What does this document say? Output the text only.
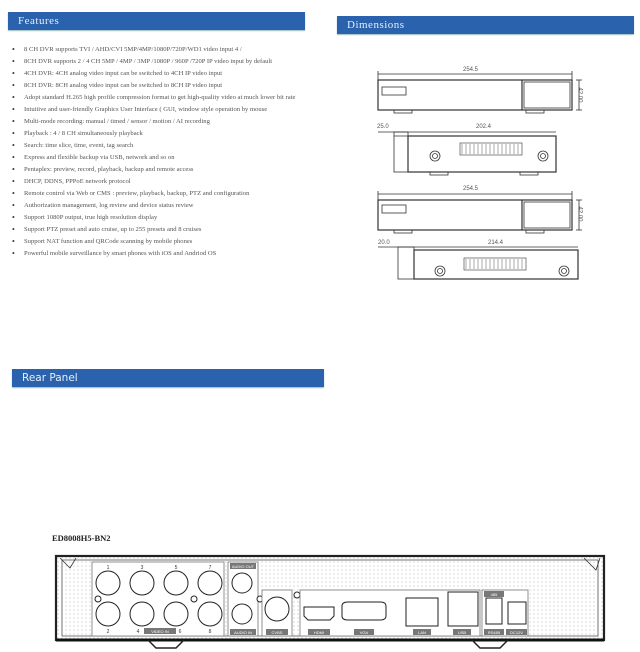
Features
• 8 CH DVR supports TVI / AHD/CVI 5MP/4MP/1080P/720P/WD1 video input 4 /
• 8CH DVR supports 2 / 4 CH 5MP / 4MP / 3MP /1080P / 960P /720P IP video input by default
• 4CH DVR: 4CH analog video input can be switched to 4CH IP video input
• 8CH DVR: 8CH analog video input can be switched to 8CH IP video input
• Adopt standard H.265 high profile compression format to get high-quality video at much lower bit rate
• Intuitive and user-friendly Graphics User Interface ( GUI, window style operation by mouse
• Multi-mode recording: manual / timed / sensor / motion / AI recording
• Playback : 4 / 8 CH simultaneously playback
• Search: time slice, time, event, tag search
• Express and flexible backup via USB, network and so on
• Pentaplex: preview, record, playback, backup and remote access
• DHCP, DDNS, PPPoE network protocol
• Remote control via Web or CMS : preview, playback, backup, PTZ and configuration
• Authorization management, log review and device status review
• Support 1080P output, true high resolution display
• Support PTZ preset and auto cruise, up to 255 presets and 8 cruises
• Support NAT function and QRCode scanning by mobile phones
• Powerful mobile surveillance by smart phones with iOS and Andriod OS
Dimensions
254.5
42.00
25.0	202.4
254.5
42.00
20.0	214.4
Rear Panel
ED8008H5-BN2
1	3	5	7
2	4	6	8
VIDEO IN
AUDIO OUT
AUDIO IN	CVBS	HDMI	VGA	LAN	USB
485
RS485 DC12V
